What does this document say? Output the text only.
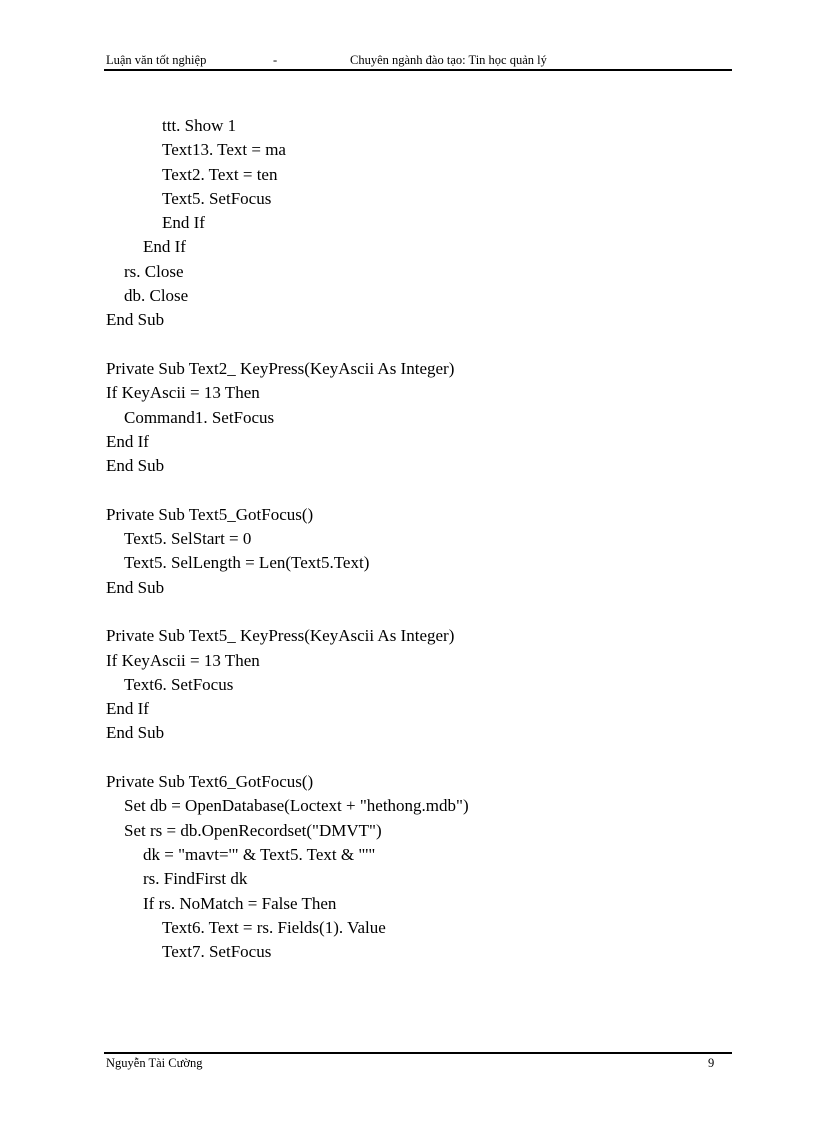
Luận văn tốt nghiệp	-	Chuyên ngành đào tạo: Tin học quản lý
ttt. Show 1
Text13. Text = ma
Text2. Text = ten
Text5. SetFocus
End If
End If
rs. Close
db. Close
End Sub

Private Sub Text2_ KeyPress(KeyAscii As Integer)
If KeyAscii = 13 Then
Command1. SetFocus
End If
End Sub

Private Sub Text5_GotFocus()
Text5. SelStart = 0
Text5. SelLength = Len(Text5.Text)
End Sub

Private Sub Text5_ KeyPress(KeyAscii As Integer)
If KeyAscii = 13 Then
Text6. SetFocus
End If
End Sub

Private Sub Text6_GotFocus()
Set db = OpenDatabase(Loctext + "hethong.mdb")
Set rs = db.OpenRecordset("DMVT")
dk = "mavt='" & Text5. Text & "'"
rs. FindFirst dk
If rs. NoMatch = False Then
Text6. Text = rs. Fields(1). Value
Text7. SetFocus
Nguyễn Tài Cường	9
